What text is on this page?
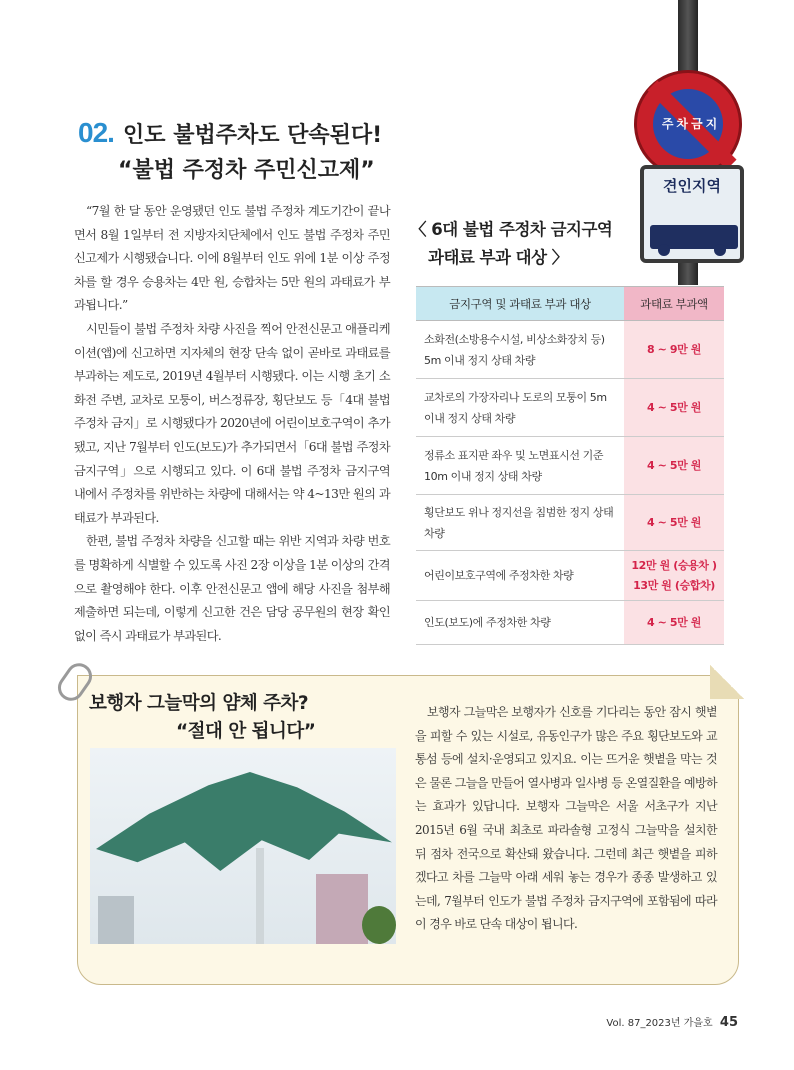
주차금지
견인지역
02. 인도 불법주차도 단속된다!
“불법 주정차 주민신고제”

“7월 한 달 동안 운영됐던 인도 불법 주정차 계도기간이 끝나면서 8월 1일부터 전 지방자치단체에서 인도 불법 주정차 주민신고제가 시행됐습니다. 이에 8월부터 인도 위에 1분 이상 주정차를 할 경우 승용차는 4만 원, 승합차는 5만 원의 과태료가 부과됩니다.”

시민들이 불법 주정차 차량 사진을 찍어 안전신문고 애플리케이션(앱)에 신고하면 지자체의 현장 단속 없이 곧바로 과태료를 부과하는 제도로, 2019년 4월부터 시행됐다. 이는 시행 초기 소화전 주변, 교차로 모퉁이, 버스정류장, 횡단보도 등「4대 불법 주정차 금지」로 시행됐다가 2020년에 어린이보호구역이 추가됐고, 지난 7월부터 인도(보도)가 추가되면서「6대 불법 주정차 금지구역」으로 시행되고 있다. 이 6대 불법 주정차 금지구역 내에서 주정차를 위반하는 차량에 대해서는 약 4~13만 원의 과태료가 부과된다.

한편, 불법 주정차 차량을 신고할 때는 위반 지역과 차량 번호를 명확하게 식별할 수 있도록 사진 2장 이상을 1분 이상의 간격으로 촬영해야 한다. 이후 안전신문고 앱에 해당 사진을 첨부해 제출하면 되는데, 이렇게 신고한 건은 담당 공무원의 현장 확인 없이 즉시 과태료가 부과된다.

〈 6대 불법 주정차 금지구역
과태료 부과 대상 〉
금지구역 및 과태료 부과 대상	과태료 부과액
소화전(소방용수시설, 비상소화장치 등) 5m 이내 정지 상태 차량	8 ~ 9만 원
교차로의 가장자리나 도로의 모퉁이 5m 이내 정지 상태 차량	4 ~ 5만 원
정류소 표지판 좌우 및 노면표시선 기준 10m 이내 정지 상태 차량	4 ~ 5만 원
횡단보도 위나 정지선을 침범한 정지 상태 차량	4 ~ 5만 원
어린이보호구역에 주정차한 차량	12만 원 (승용차 )
13만 원 (승합차)

인도(보도)에 주정차한 차량	4 ~ 5만 원
보행자 그늘막의 얌체 주차?
“절대 안 됩니다”

보행자 그늘막은 보행자가 신호를 기다리는 동안 잠시 햇볕을 피할 수 있는 시설로, 유동인구가 많은 주요 횡단보도와 교통섬 등에 설치·운영되고 있지요. 이는 뜨거운 햇볕을 막는 것은 물론 그늘을 만들어 열사병과 일사병 등 온열질환을 예방하는 효과가 있답니다. 보행자 그늘막은 서울 서초구가 지난 2015년 6월 국내 최초로 파라솔형 고정식 그늘막을 설치한 뒤 점차 전국으로 확산돼 왔습니다. 그런데 최근 햇볕을 피하겠다고 차를 그늘막 아래 세워 놓는 경우가 종종 발생하고 있는데, 7월부터 인도가 불법 주정차 금지구역에 포함됨에 따라 이 경우 바로 단속 대상이 됩니다.

Vol. 87_2023년 가을호 45
